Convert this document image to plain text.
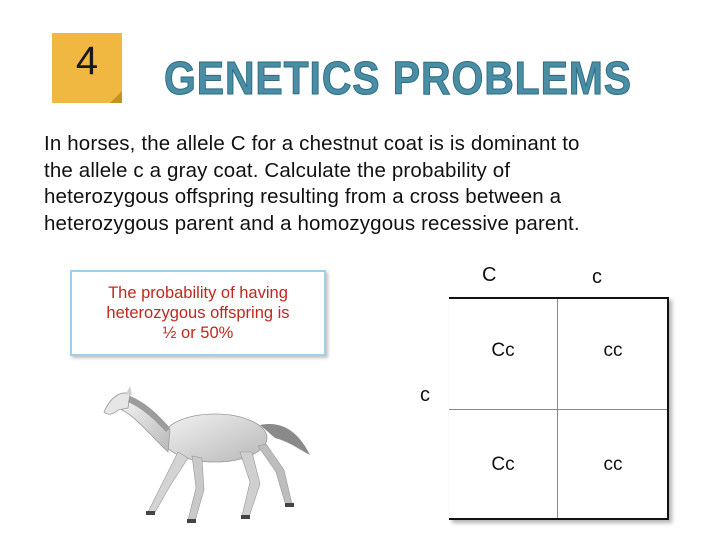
4	GENETICS PROBLEMS
In horses, the allele C for a chestnut coat is is dominant to
the allele c a gray coat. Calculate the probability of
heterozygous offspring resulting from a cross between a
heterozygous parent and a homozygous recessive parent.
The probability of having
heterozygous offspring is
½ or 50%
C	c
c
Cc	cc
Cc	cc
